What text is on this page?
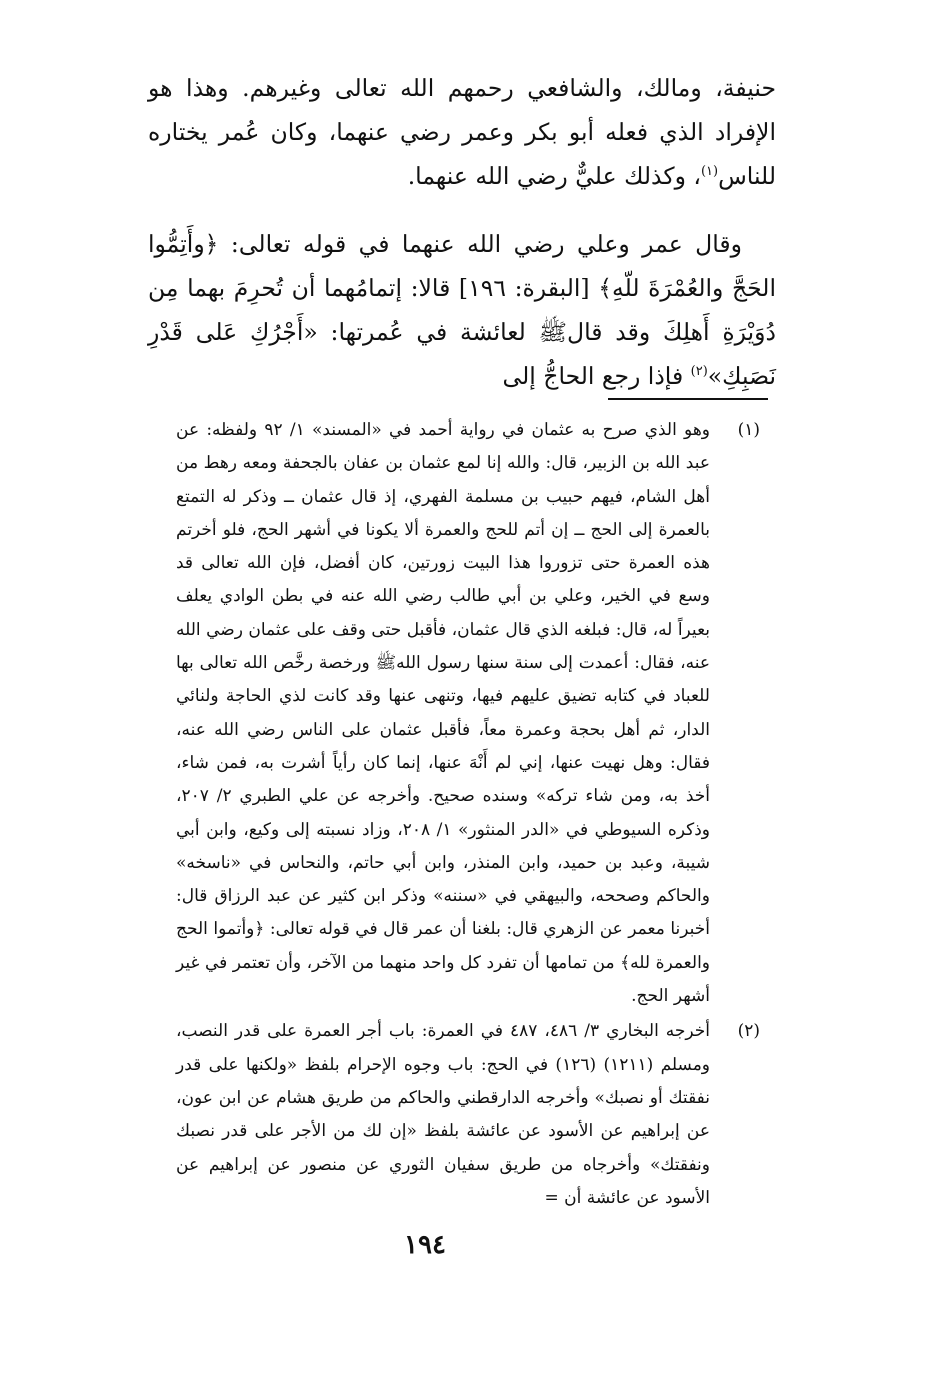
حنيفة، ومالك، والشافعي رحمهم الله تعالى وغيرهم. وهذا هو الإفراد الذي فعله أبو بكر وعمر رضي عنهما، وكان عُمر يختاره للناس$^{(١)}$، وكذلك عليٌّ رضي الله عنهما.

وقال عمر وعلي رضي الله عنهما في قوله تعالى: ﴿وأَتِمُّوا الحَجَّ والعُمْرَةَ للّهِ﴾ [البقرة: ١٩٦] قالا: إتمامُهما أن تُحرِمَ بهما مِن دُوَيْرَةِ أَهلِكَ وقد قالﷺ لعائشة في عُمرتها: «أَجْرُكِ عَلى قَدْرِ نَصَبِكِ»$^{(٢)}$ فإذا رجع الحاجُّ إلى

(١)
وهو الذي صرح به عثمان في رواية أحمد في «المسند» ١/ ٩٢ ولفظه: عن عبد الله بن الزبير، قال: والله إنا لمع عثمان بن عفان بالجحفة ومعه رهط من أهل الشام، فيهم حبيب بن مسلمة الفهري، إذ قال عثمان ــ وذكر له التمتع بالعمرة إلى الحج ــ إن أتم للحج والعمرة ألا يكونا في أشهر الحج، فلو أخرتم هذه العمرة حتى تزوروا هذا البيت زورتين، كان أفضل، فإن الله تعالى قد وسع في الخير، وعلي بن أبي طالب رضي الله عنه في بطن الوادي يعلف بعيراً له، قال: فبلغه الذي قال عثمان، فأقبل حتى وقف على عثمان رضي الله عنه، فقال: أعمدت إلى سنة سنها رسول اللهﷺ ورخصة رخَّص الله تعالى بها للعباد في كتابه تضيق عليهم فيها، وتنهى عنها وقد كانت لذي الحاجة ولنائي الدار، ثم أهل بحجة وعمرة معاً، فأقبل عثمان على الناس رضي الله عنه، فقال: وهل نهيت عنها، إني لم أَنْهَ عنها، إنما كان رأياً أشرت به، فمن شاء، أخذ به، ومن شاء تركه» وسنده صحيح. وأخرجه عن علي الطبري ٢/ ٢٠٧، وذكره السيوطي في «الدر المنثور» ١/ ٢٠٨، وزاد نسبته إلى وكيع، وابن أبي شيبة، وعبد بن حميد، وابن المنذر، وابن أبي حاتم، والنحاس في «ناسخه» والحاكم وصححه، والبيهقي في «سننه» وذكر ابن كثير عن عبد الرزاق قال: أخبرنا معمر عن الزهري قال: بلغنا أن عمر قال في قوله تعالى: ﴿وأتموا الحج والعمرة لله﴾ من تمامها أن تفرد كل واحد منهما من الآخر، وأن تعتمر في غير أشهر الحج.
(٢)
أخرجه البخاري ٣/ ٤٨٦، ٤٨٧ في العمرة: باب أجر العمرة على قدر النصب، ومسلم (١٢١١) (١٢٦) في الحج: باب وجوه الإحرام بلفظ «ولكنها على قدر نفقتك أو نصبك» وأخرجه الدارقطني والحاكم من طريق هشام عن ابن عون، عن إبراهيم عن الأسود عن عائشة بلفظ «إن لك من الأجر على قدر نصبك ونفقتك» وأخرجاه من طريق سفيان الثوري عن منصور عن إبراهيم عن الأسود عن عائشة أن =
١٩٤
